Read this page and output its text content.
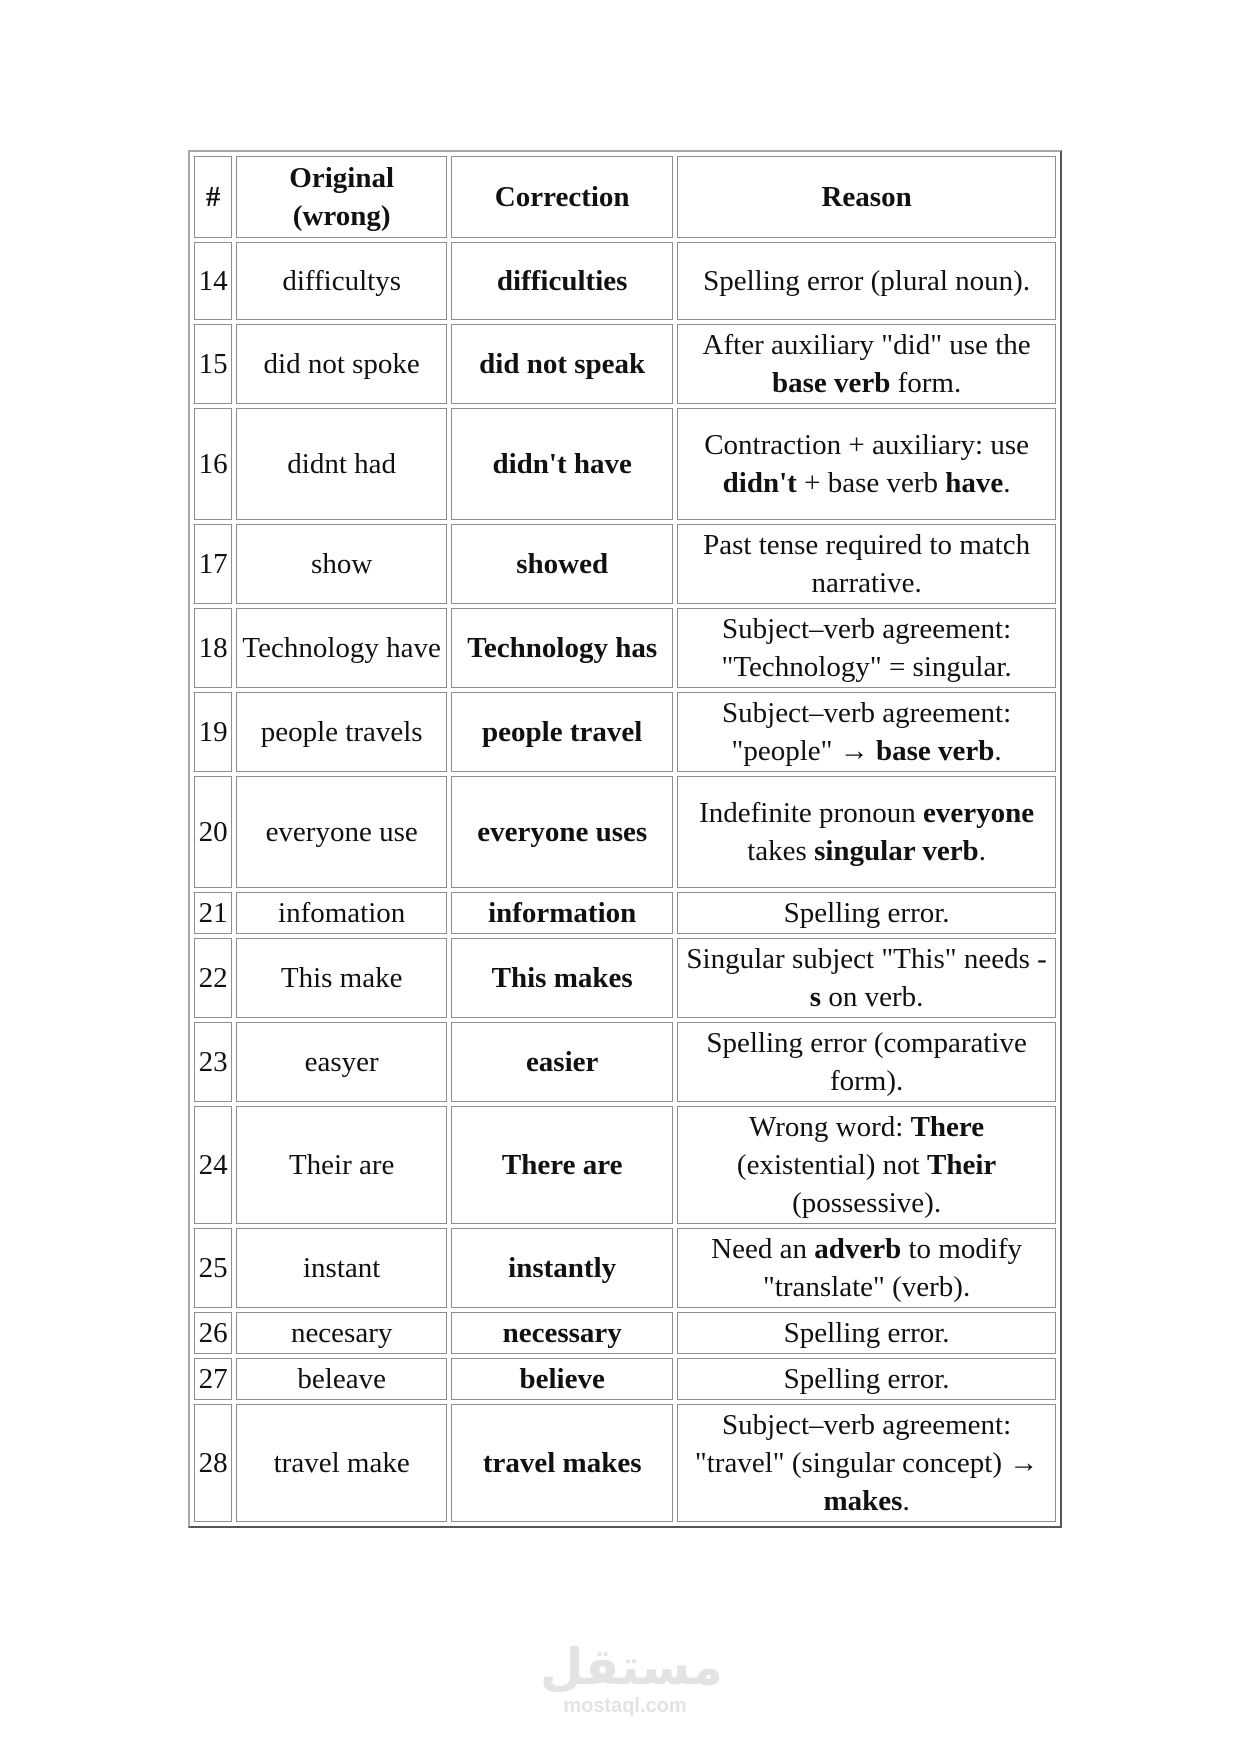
#	Original (wrong)	Correction	Reason
14	difficultys	difficulties	Spelling error (plural noun).
15	did not spoke	did not speak	After auxiliary "did" use the base verb form.
16	didnt had	didn't have	Contraction + auxiliary: use didn't + base verb have.
17	show	showed	Past tense required to match narrative.
18	Technology have	Technology has	Subject–verb agreement: "Technology" = singular.
19	people travels	people travel	Subject–verb agreement: "people" → base verb.
20	everyone use	everyone uses	Indefinite pronoun everyone takes singular verb.
21	infomation	information	Spelling error.
22	This make	This makes	Singular subject "This" needs -s on verb.
23	easyer	easier	Spelling error (comparative form).
24	Their are	There are	Wrong word: There (existential) not Their (possessive).
25	instant	instantly	Need an adverb to modify "translate" (verb).
26	necesary	necessary	Spelling error.
27	beleave	believe	Spelling error.
28	travel make	travel makes	Subject–verb agreement: "travel" (singular concept) → makes.
مستقل
mostaql.com
